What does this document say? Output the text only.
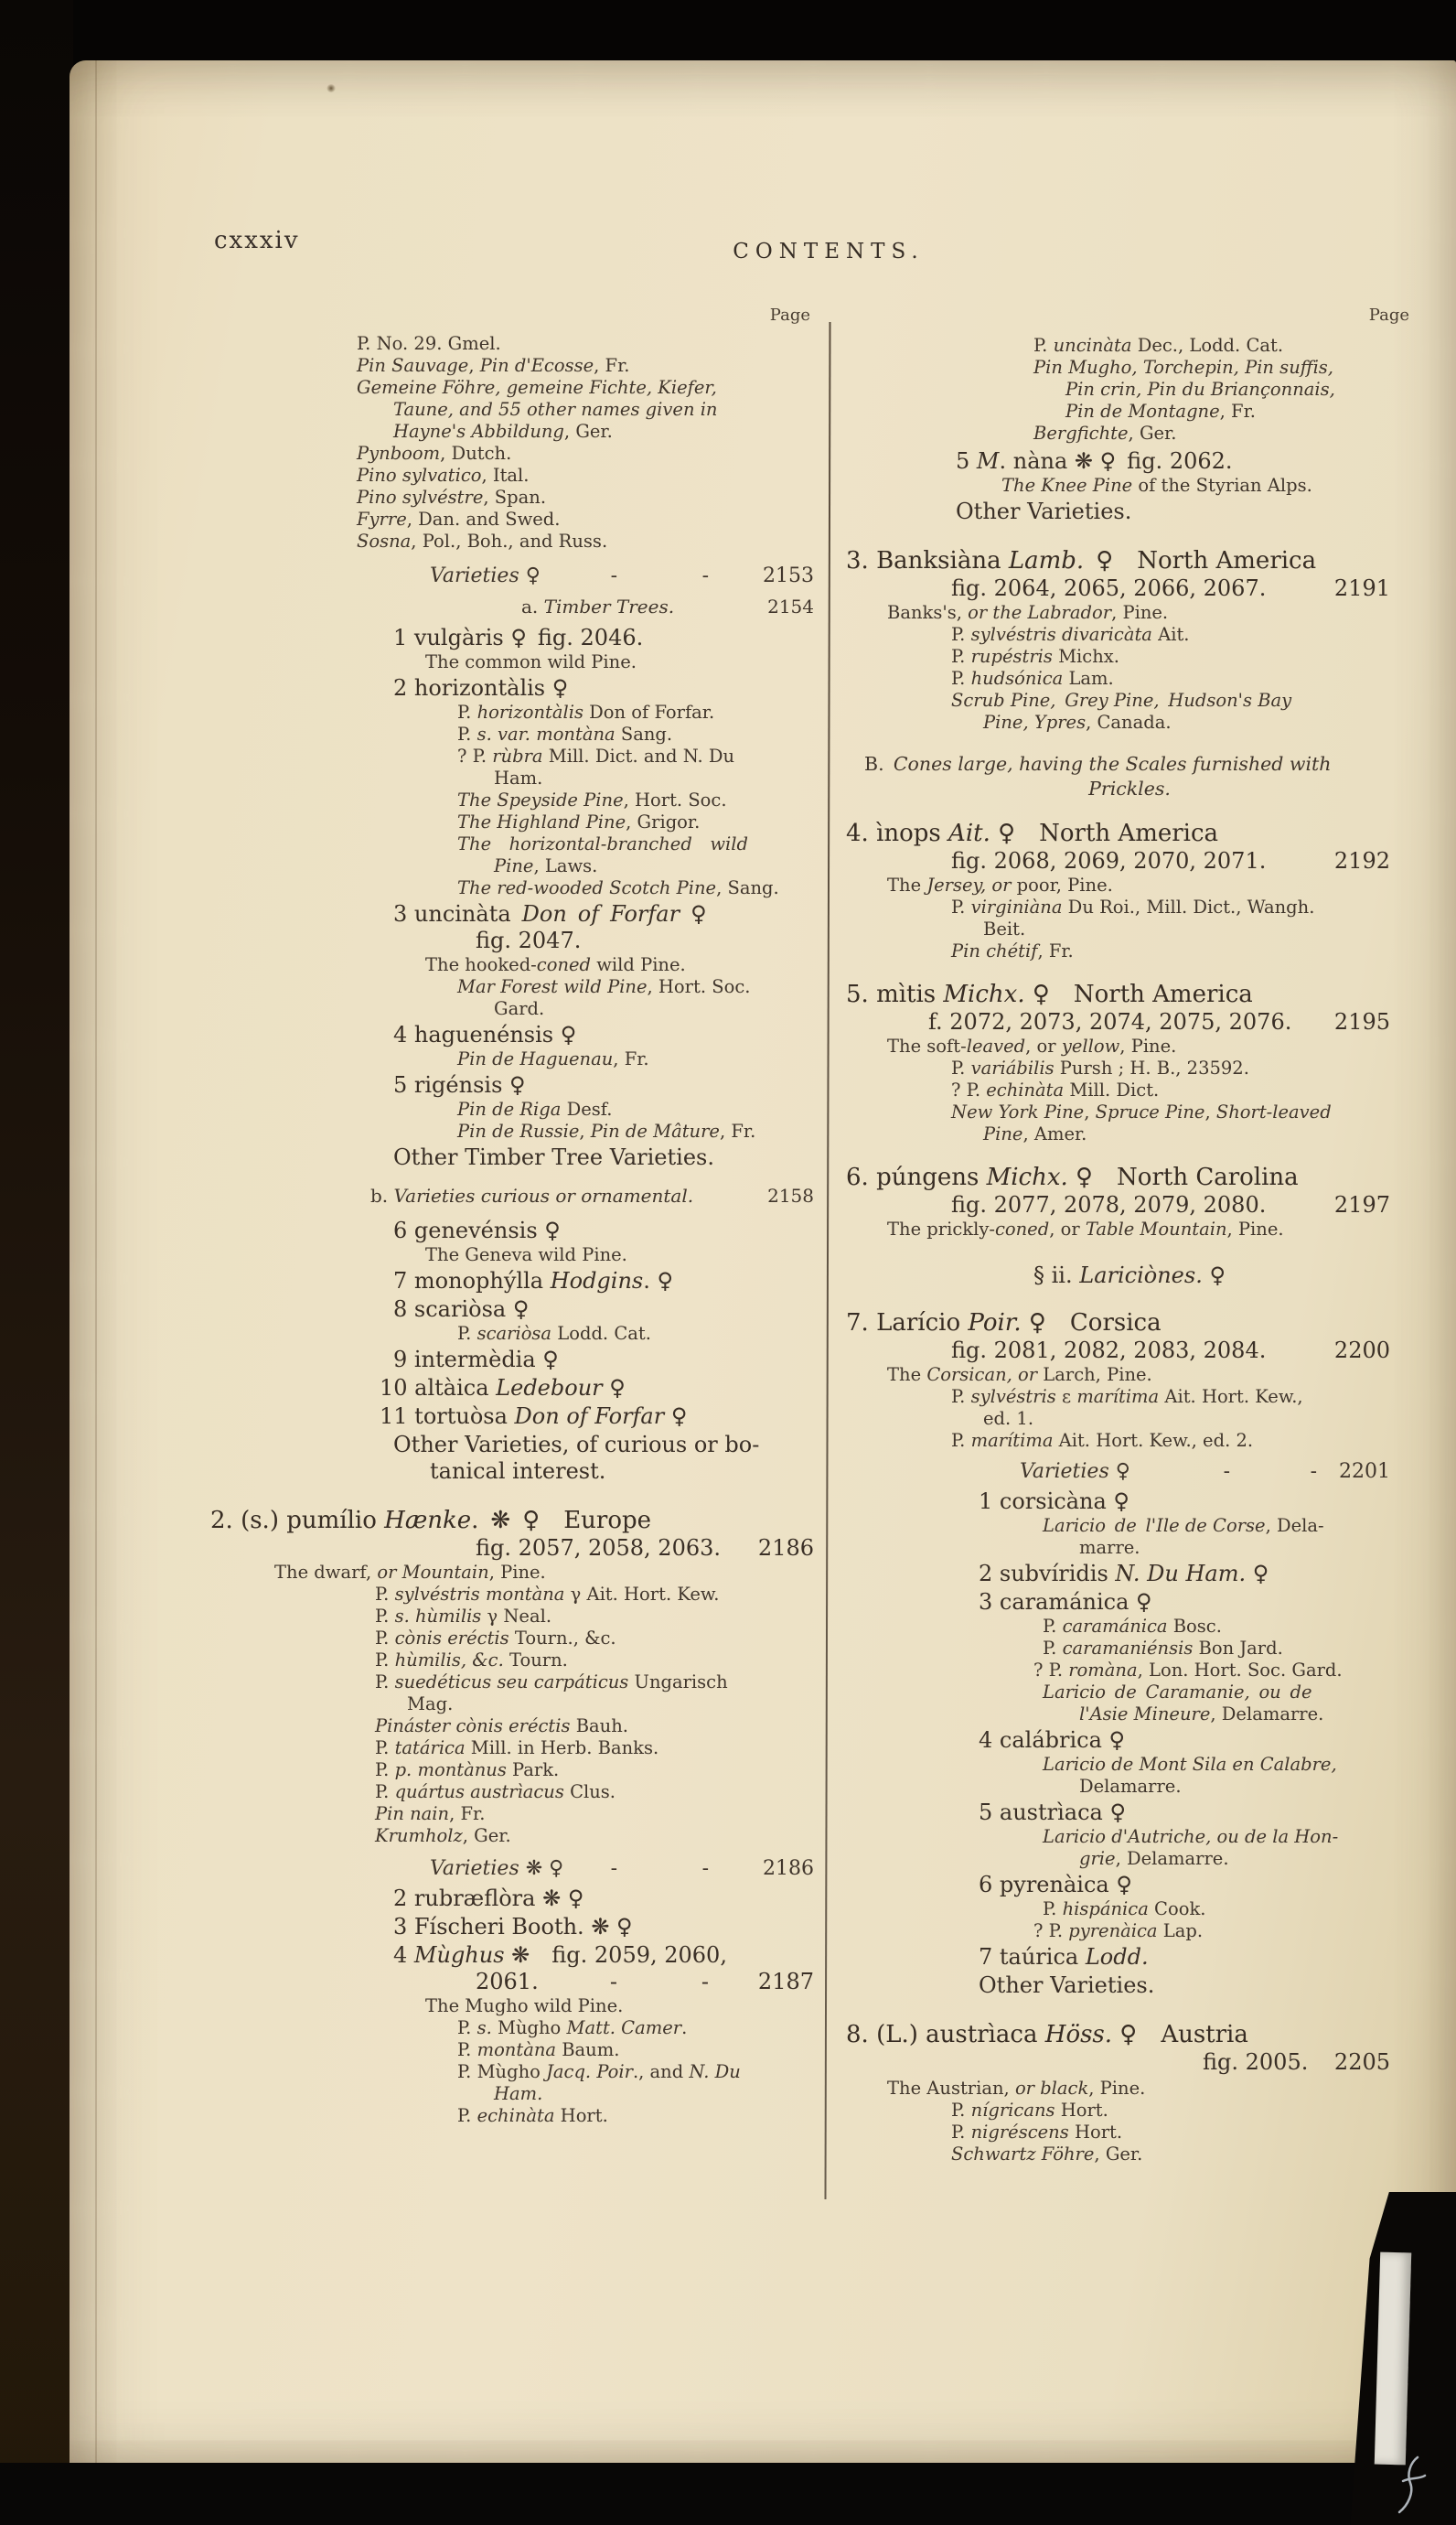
cxxxiv	CONTENTS.
Page
P. No. 29. Gmel.
Pin Sauvage, Pin d'Ecosse, Fr.
Gemeine Föhre, gemeine Fichte, Kiefer,
Taune, and 55 other names given in
Hayne's Abbildung, Ger.
Pynboom, Dutch.
Pino sylvatico, Ital.
Pino sylvéstre, Span.
Fyrre, Dan. and Swed.
Sosna, Pol., Boh., and Russ.
Varieties ♀	-	-	2153
a. Timber Trees.	2154
1 vulgàris ♀ fig. 2046.
The common wild Pine.
2 horizontàlis ♀
P. horizontàlis Don of Forfar.
P. s. var. montàna Sang.
? P. rùbra Mill. Dict. and N. Du
Ham.
The Speyside Pine, Hort. Soc.
The Highland Pine, Grigor.
The  horizontal-branched  wild
Pine, Laws.
The red-wooded Scotch Pine, Sang.
3 uncinàta Don of Forfar ♀
fig. 2047.
The hooked-coned wild Pine.
Mar Forest wild Pine, Hort. Soc.
Gard.
4 haguenénsis ♀
Pin de Haguenau, Fr.
5 rigénsis ♀
Pin de Riga Desf.
Pin de Russie, Pin de Mâture, Fr.
Other Timber Tree Varieties.
b. Varieties curious or ornamental.	2158
6 genevénsis ♀
The Geneva wild Pine.
7 monophýlla Hodgins. ♀
8 scariòsa ♀
P. scariòsa Lodd. Cat.
9 intermèdia ♀
10 altàica Ledebour ♀
11 tortuòsa Don of Forfar ♀
Other Varieties, of curious or bo-
tanical interest.
2. (s.) pumílio Hænke. ❋ ♀ Europe
fig. 2057, 2058, 2063. 2186
The dwarf, or Mountain, Pine.
P. sylvéstris montàna γ Ait. Hort. Kew.
P. s. hùmilis γ Neal.
P. cònis eréctis Tourn., &c.
P. hùmilis, &c. Tourn.
P. suedéticus seu carpáticus Ungarisch
Mag.
Pináster cònis eréctis Bauh.
P. tatárica Mill. in Herb. Banks.
P. p. montànus Park.
P. quártus austrìacus Clus.
Pin nain, Fr.
Krumholz, Ger.
Varieties ❋ ♀ -	-	2186
2 rubræflòra ❋ ♀
3 Físcheri Booth. ❋ ♀
4 Mùghus ❋ fig. 2059, 2060,
2061.	-	- 2187
The Mugho wild Pine.
P. s. Mùgho Matt. Camer.
P. montàna Baum.
P. Mùgho Jacq. Poir., and N. Du
Ham.
P. echinàta Hort.
Page
P. uncinàta Dec., Lodd. Cat.
Pin Mugho, Torchepin, Pin suffis,
Pin crin, Pin du Briançonnais,
Pin de Montagne, Fr.
Bergfichte, Ger.
5 M. nàna ❋ ♀ fig. 2062.
The Knee Pine of the Styrian Alps.
Other Varieties.
3. Banksiàna Lamb. ♀ North America
fig. 2064, 2065, 2066, 2067.	2191
Banks's, or the Labrador, Pine.
P. sylvéstris divaricàta Ait.
P. rupéstris Michx.
P. hudsónica Lam.
Scrub Pine, Grey Pine, Hudson's Bay
Pine, Ypres, Canada.
B. Cones large, having the Scales furnished with
Prickles.
4. ìnops Ait. ♀ North America
fig. 2068, 2069, 2070, 2071.	2192
The Jersey, or poor, Pine.
P. virginiàna Du Roi., Mill. Dict., Wangh.
Beit.
Pin chétif, Fr.
5. mìtis Michx. ♀ North America
f. 2072, 2073, 2074, 2075, 2076. 2195
The soft-leaved, or yellow, Pine.
P. variábilis Pursh ; H. B., 23592.
? P. echinàta Mill. Dict.
New York Pine, Spruce Pine, Short-leaved
Pine, Amer.
6. púngens Michx. ♀ North Carolina
fig. 2077, 2078, 2079, 2080.	2197
The prickly-coned, or Table Mountain, Pine.
§ ii. Lariciònes. ♀
7. Larício Poir. ♀ Corsica
fig. 2081, 2082, 2083, 2084.	2200
The Corsican, or Larch, Pine.
P. sylvéstris ε marítima Ait. Hort. Kew.,
ed. 1.
P. marítima Ait. Hort. Kew., ed. 2.
Varieties ♀	-	- 2201
1 corsicàna ♀
Laricio de l'Ile de Corse, Dela-
marre.
2 subvíridis N. Du Ham. ♀
3 caramánica ♀
P. caramánica Bosc.
P. caramaniénsis Bon Jard.
? P. romàna, Lon. Hort. Soc. Gard.
Laricio de Caramanie, ou de
l'Asie Mineure, Delamarre.
4 calábrica ♀
Laricio de Mont Sila en Calabre,
Delamarre.
5 austrìaca ♀
Laricio d'Autriche, ou de la Hon-
grie, Delamarre.
6 pyrenàica ♀
P. hispánica Cook.
? P. pyrenàica Lap.
7 taúrica Lodd.
Other Varieties.
8. (L.) austrìaca Höss. ♀ Austria
fig. 2005. 2205
The Austrian, or black, Pine.
P. nígricans Hort.
P. nigréscens Hort.
Schwartz Föhre, Ger.
